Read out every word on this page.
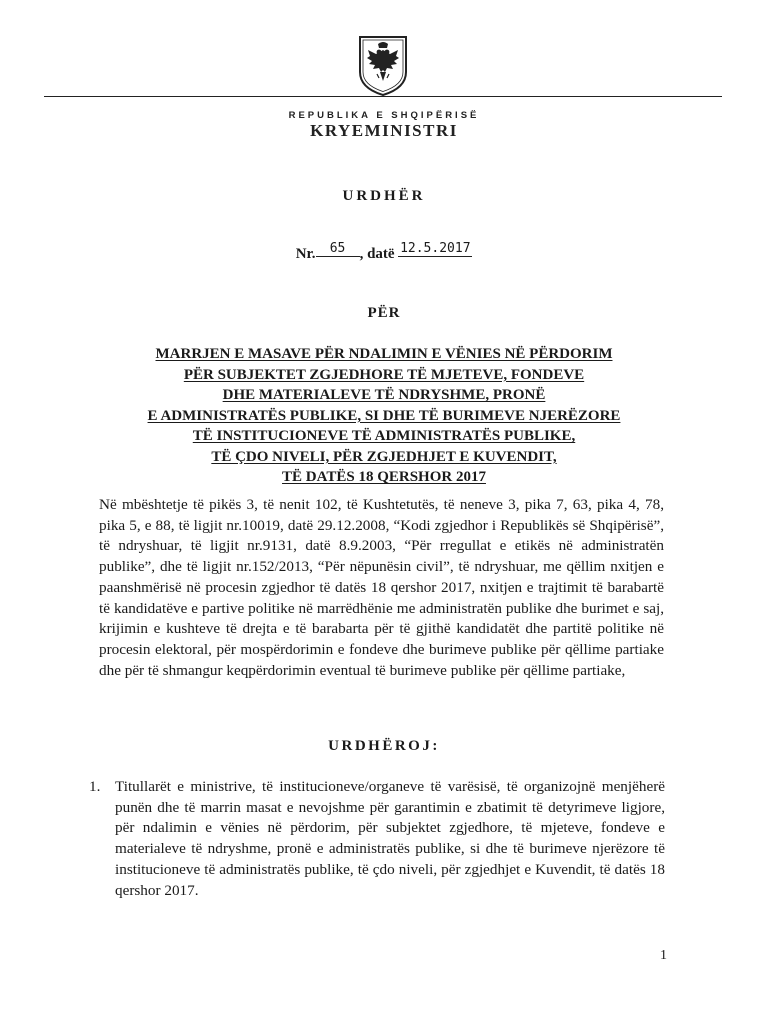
REPUBLIKA E SHQIPËRISË
KRYEMINISTRI
URDHËR
Nr. 65 , datë 12.5.2017
PËR
MARRJEN E MASAVE PËR NDALIMIN E VËNIES NË PËRDORIM
PËR SUBJEKTET ZGJEDHORE TË MJETEVE, FONDEVE
DHE MATERIALEVE TË NDRYSHME, PRONË
E ADMINISTRATËS PUBLIKE, SI DHE TË BURIMEVE NJERËZORE
TË INSTITUCIONEVE TË ADMINISTRATËS PUBLIKE,
TË ÇDO NIVELI, PËR ZGJEDHJET E KUVENDIT,
TË DATËS 18 QERSHOR 2017
Në mbështetje të pikës 3, të nenit 102, të Kushtetutës, të neneve 3, pika 7, 63, pika 4, 78, pika 5, e 88, të ligjit nr.10019, datë 29.12.2008, “Kodi zgjedhor i Republikës së Shqipërisë”, të ndryshuar, të ligjit nr.9131, datë 8.9.2003, “Për rregullat e etikës në administratën publike”, dhe të ligjit nr.152/2013, “Për nëpunësin civil”, të ndryshuar, me qëllim nxitjen e paanshmërisë në procesin zgjedhor të datës 18 qershor 2017, nxitjen e trajtimit të barabartë të kandidatëve e partive politike në marrëdhënie me administratën publike dhe burimet e saj, krijimin e kushteve të drejta e të barabarta për të gjithë kandidatët dhe partitë politike në procesin elektoral, për mospërdorimin e fondeve dhe burimeve publike për qëllime partiake dhe për të shmangur keqpërdorimin eventual të burimeve publike për qëllime partiake,
URDHËROJ:
1. Titullarët e ministrive, të institucioneve/organeve të varësisë, të organizojnë menjëherë punën dhe të marrin masat e nevojshme për garantimin e zbatimit të detyrimeve ligjore, për ndalimin e vënies në përdorim, për subjektet zgjedhore, të mjeteve, fondeve e materialeve të ndryshme, pronë e administratës publike, si dhe të burimeve njerëzore të institucioneve të administratës publike, të çdo niveli, për zgjedhjet e Kuvendit, të datës 18 qershor 2017.
1
